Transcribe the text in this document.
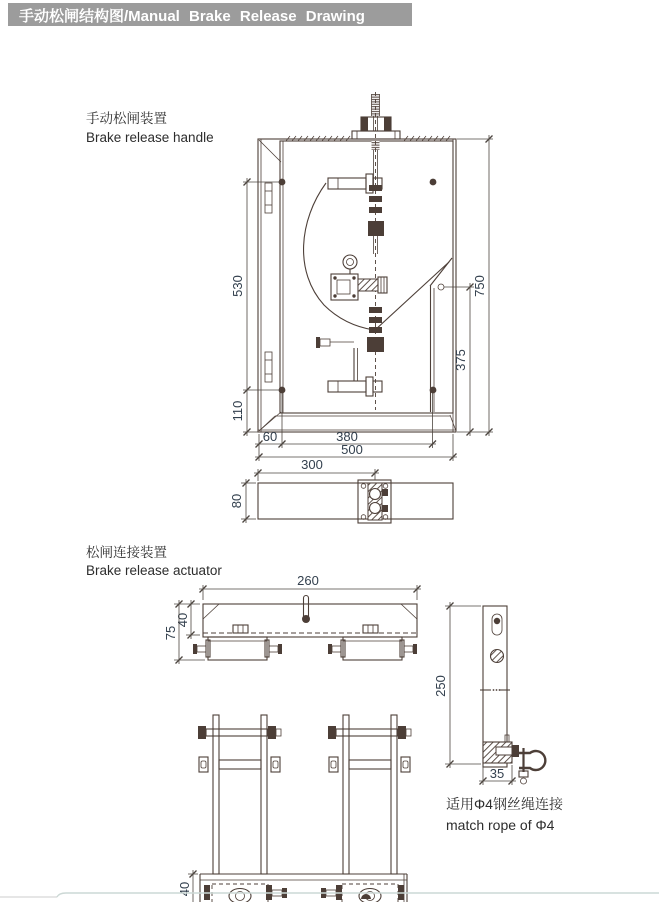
手动松闸结构图/Manual Brake Release Drawing
手动松闸装置
Brake release handle
530
110
750
375
60	380
500
300
80
松闸连接装置
Brake release actuator
260
40
75
250
35
适用Φ4钢丝绳连接
match rope of Φ4
40
